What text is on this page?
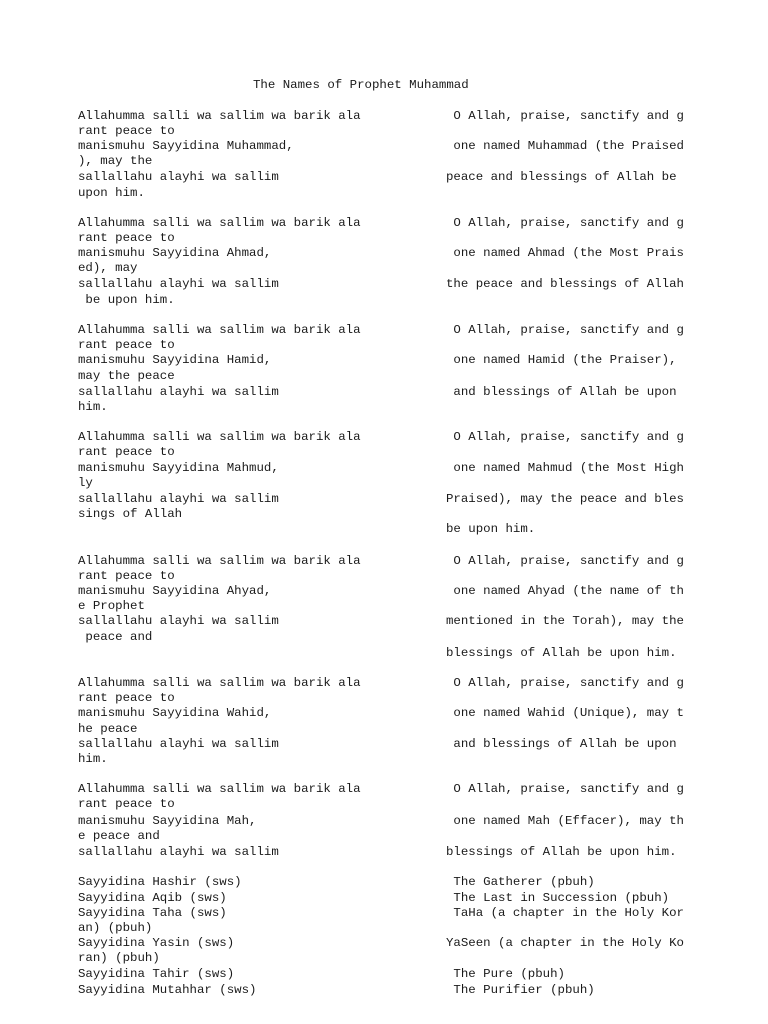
The Names of Prophet Muhammad
Allahumma salli wa sallim wa barik ala	O Allah, praise, sanctify and g
rant peace to
manismuhu Sayyidina Muhammad,	one named Muhammad (the Praised
), may the
sallallahu alayhi wa sallim	peace and blessings of Allah be
upon him.
Allahumma salli wa sallim wa barik ala	O Allah, praise, sanctify and g
rant peace to
manismuhu Sayyidina Ahmad,	one named Ahmad (the Most Prais
ed), may
sallallahu alayhi wa sallim	the peace and blessings of Allah
be upon him.
Allahumma salli wa sallim wa barik ala	O Allah, praise, sanctify and g
rant peace to
manismuhu Sayyidina Hamid,	one named Hamid (the Praiser),
may the peace
sallallahu alayhi wa sallim	and blessings of Allah be upon
him.
Allahumma salli wa sallim wa barik ala	O Allah, praise, sanctify and g
rant peace to
manismuhu Sayyidina Mahmud,	one named Mahmud (the Most High
ly
sallallahu alayhi wa sallim	Praised), may the peace and bles
sings of Allah
be upon him.
Allahumma salli wa sallim wa barik ala	O Allah, praise, sanctify and g
rant peace to
manismuhu Sayyidina Ahyad,	one named Ahyad (the name of th
e Prophet
sallallahu alayhi wa sallim	mentioned in the Torah), may the
peace and
blessings of Allah be upon him.
Allahumma salli wa sallim wa barik ala	O Allah, praise, sanctify and g
rant peace to
manismuhu Sayyidina Wahid,	one named Wahid (Unique), may t
he peace
sallallahu alayhi wa sallim	and blessings of Allah be upon
him.
Allahumma salli wa sallim wa barik ala	O Allah, praise, sanctify and g
rant peace to
manismuhu Sayyidina Mah,	one named Mah (Effacer), may th
e peace and
sallallahu alayhi wa sallim	blessings of Allah be upon him.
Sayyidina Hashir (sws)	The Gatherer (pbuh)
Sayyidina Aqib (sws)	The Last in Succession (pbuh)
Sayyidina Taha (sws)	TaHa (a chapter in the Holy Kor
an) (pbuh)
Sayyidina Yasin (sws)	YaSeen (a chapter in the Holy Ko
ran) (pbuh)
Sayyidina Tahir (sws)	The Pure (pbuh)
Sayyidina Mutahhar (sws)	The Purifier (pbuh)
